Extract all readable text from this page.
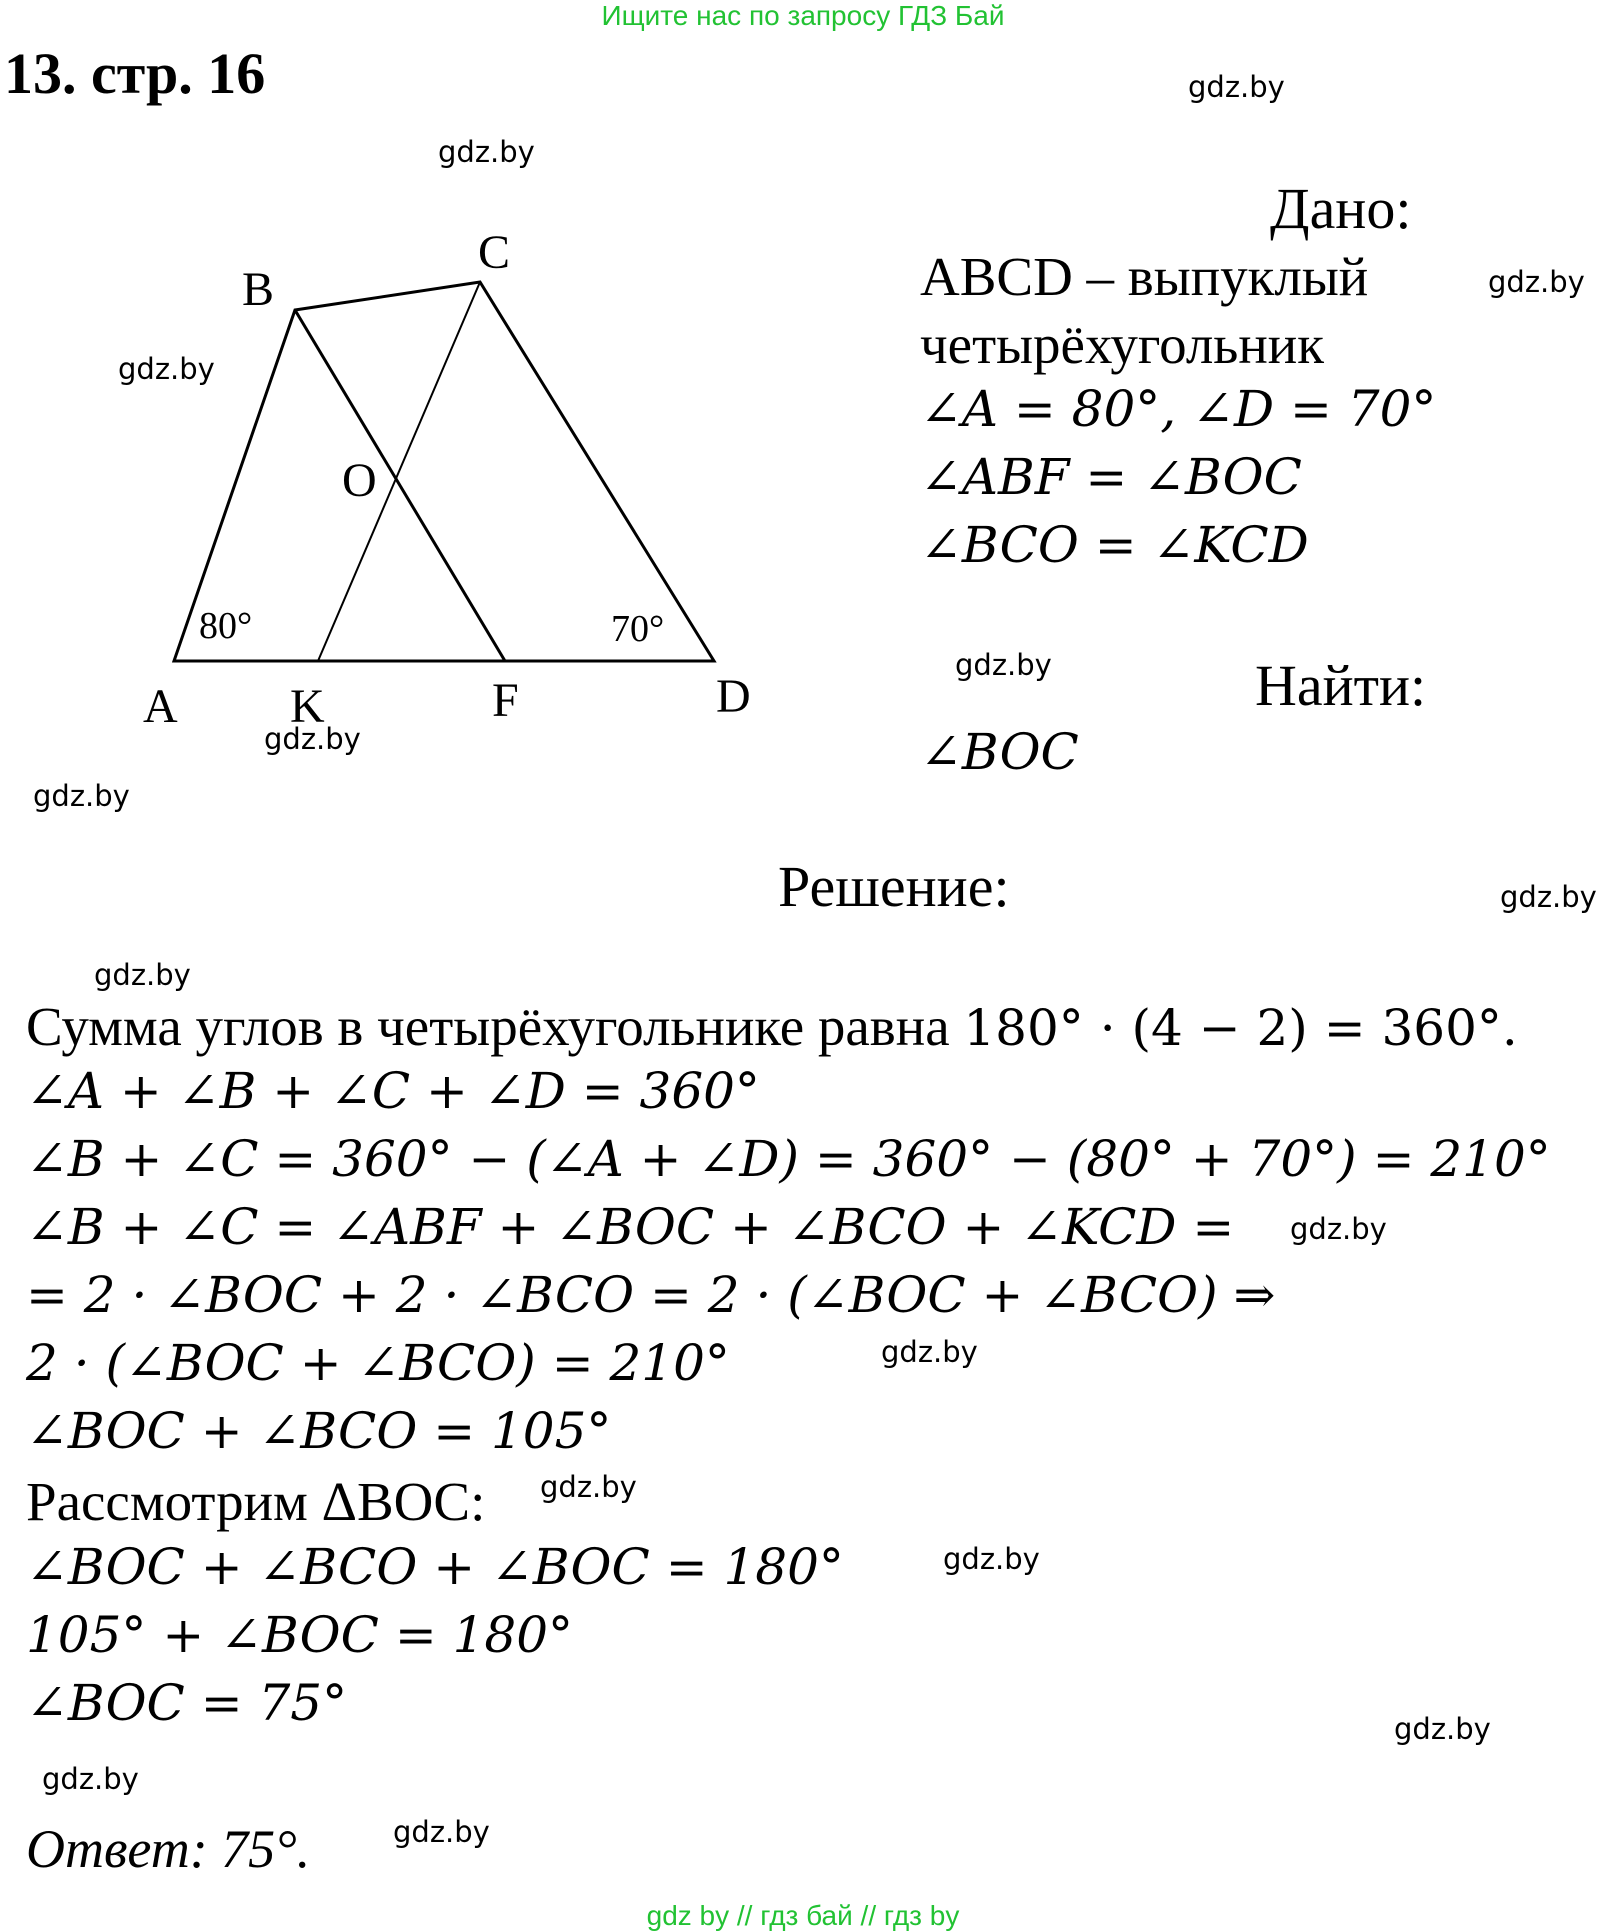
Ищите нас по запросу ГДЗ Бай
13. стр. 16
A
B
C
D
K	F
O
80°	70°
Дано:
ABCD – выпуклый
четырёхугольник
∠A = 80°, ∠D = 70°
∠ABF = ∠BOC
∠BCO = ∠KCD
Найти:
∠BOC
Решение:
Сумма углов в четырёхугольнике равна 180° · (4 − 2) = 360°.
∠A + ∠B + ∠C + ∠D = 360°
∠B + ∠C = 360° − (∠A + ∠D) = 360° − (80° + 70°) = 210°
∠B + ∠C = ∠ABF + ∠BOC + ∠BCO + ∠KCD =
= 2 · ∠BOC + 2 · ∠BCO = 2 · (∠BOC + ∠BCO) ⇒
2 · (∠BOC + ∠BCO) = 210°
∠BOC + ∠BCO = 105°
Рассмотрим ΔBOC:
∠BOC + ∠BCO + ∠BOC = 180°
105° + ∠BOC = 180°
∠BOC = 75°
Ответ: 75°.
gdz.by
gdz.by
gdz.by
gdz.by
gdz.by
gdz.by
gdz.by
gdz.by
gdz.by
gdz.by
gdz.by
gdz.by
gdz.by
gdz.by
gdz.by
gdz.by
gdz by // гдз бай // гдз by
